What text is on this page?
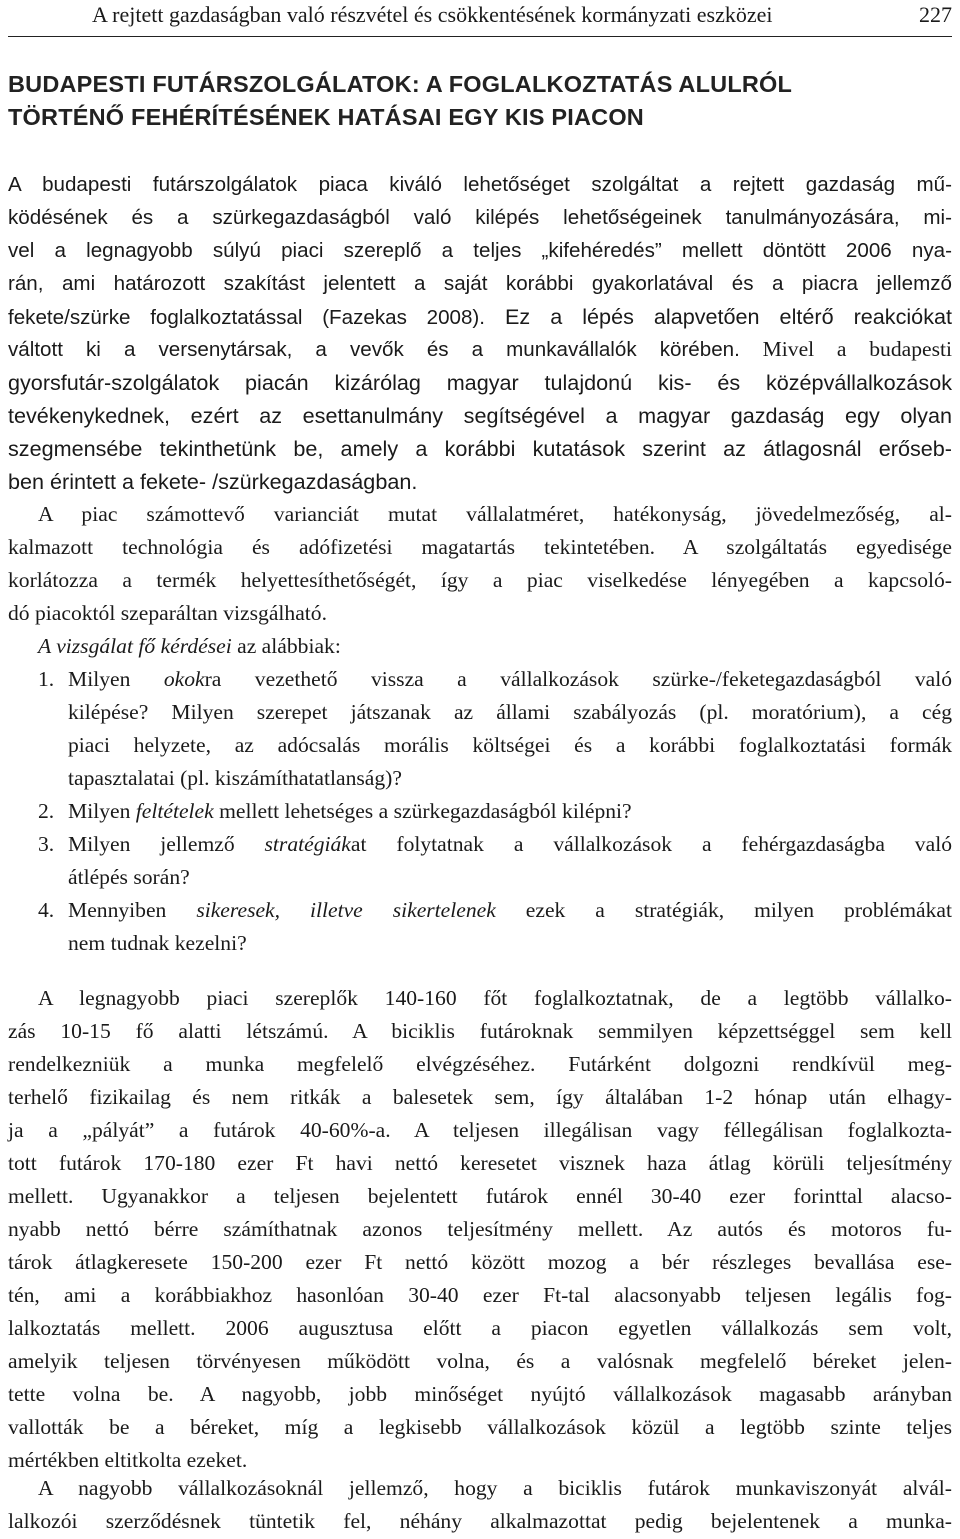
A rejtett gazdaságban való részvétel és csökkentésének kormányzati eszközei	227
BUDAPESTI FUTÁRSZOLGÁLATOK: A FOGLALKOZTATÁS ALULRÓL
TÖRTÉNŐ FEHÉRÍTÉSÉNEK HATÁSAI EGY KIS PIACON
A budapesti futárszolgálatok piaca kiváló lehetőséget szolgáltat a rejtett gazdaság mű-
ködésének és a szürkegazdaságból való kilépés lehetőségeinek tanulmányozására, mi-
vel a legnagyobb súlyú piaci szereplő a teljes „kifehéredés” mellett döntött 2006 nya-
rán, ami határozott szakítást jelentett a saját korábbi gyakorlatával és a piacra jellemző
fekete/szürke foglalkoztatással (Fazekas 2008). Ez a lépés alapvetően eltérő reakciókat
váltott ki a versenytársak, a vevők és a munkavállalók körében. Mivel a budapesti
gyorsfutár-szolgálatok piacán kizárólag magyar tulajdonú kis- és középvállalkozások
tevékenykednek, ezért az esettanulmány segítségével a magyar gazdaság egy olyan
szegmensébe tekinthetünk be, amely a korábbi kutatások szerint az átlagosnál erőseb-
ben érintett a fekete- /szürkegazdaságban.
A piac számottevő varianciát mutat vállalatméret, hatékonyság, jövedelmezőség, al-
kalmazott technológia és adófizetési magatartás tekintetében. A szolgáltatás egyedisége
korlátozza a termék helyettesíthetőségét, így a piac viselkedése lényegében a kapcsoló-
dó piacoktól szeparáltan vizsgálható.
A vizsgálat fő kérdései az alábbiak:
1. Milyen okokra vezethető vissza a vállalkozások szürke-/feketegazdaságból való
kilépése? Milyen szerepet játszanak az állami szabályozás (pl. moratórium), a cég
piaci helyzete, az adócsalás morális költségei és a korábbi foglalkoztatási formák
tapasztalatai (pl. kiszámíthatatlanság)?
2. Milyen feltételek mellett lehetséges a szürkegazdaságból kilépni?
3. Milyen jellemző stratégiákat folytatnak a vállalkozások a fehérgazdaságba való
átlépés során?
4. Mennyiben sikeresek, illetve sikertelenek ezek a stratégiák, milyen problémákat
nem tudnak kezelni?
A legnagyobb piaci szereplők 140-160 főt foglalkoztatnak, de a legtöbb vállalko-
zás 10-15 fő alatti létszámú. A biciklis futároknak semmilyen képzettséggel sem kell
rendelkezniük a munka megfelelő elvégzéséhez. Futárként dolgozni rendkívül meg-
terhelő fizikailag és nem ritkák a balesetek sem, így általában 1-2 hónap után elhagy-
ja a „pályát” a futárok 40-60%-a. A teljesen illegálisan vagy féllegálisan foglalkozta-
tott futárok 170-180 ezer Ft havi nettó keresetet visznek haza átlag körüli teljesítmény
mellett. Ugyanakkor a teljesen bejelentett futárok ennél 30-40 ezer forinttal alacso-
nyabb nettó bérre számíthatnak azonos teljesítmény mellett. Az autós és motoros fu-
tárok átlagkeresete 150-200 ezer Ft nettó között mozog a bér részleges bevallása ese-
tén, ami a korábbiakhoz hasonlóan 30-40 ezer Ft-tal alacsonyabb teljesen legális fog-
lalkoztatás mellett. 2006 augusztusa előtt a piacon egyetlen vállalkozás sem volt,
amelyik teljesen törvényesen működött volna, és a valósnak megfelelő béreket jelen-
tette volna be. A nagyobb, jobb minőséget nyújtó vállalkozások magasabb arányban
vallották be a béreket, míg a legkisebb vállalkozások közül a legtöbb szinte teljes
mértékben eltitkolta ezeket.
A nagyobb vállalkozásoknál jellemző, hogy a biciklis futárok munkaviszonyát alvál-
lalkozói szerződésnek tüntetik fel, néhány alkalmazottat pedig bejelentenek a munka-
